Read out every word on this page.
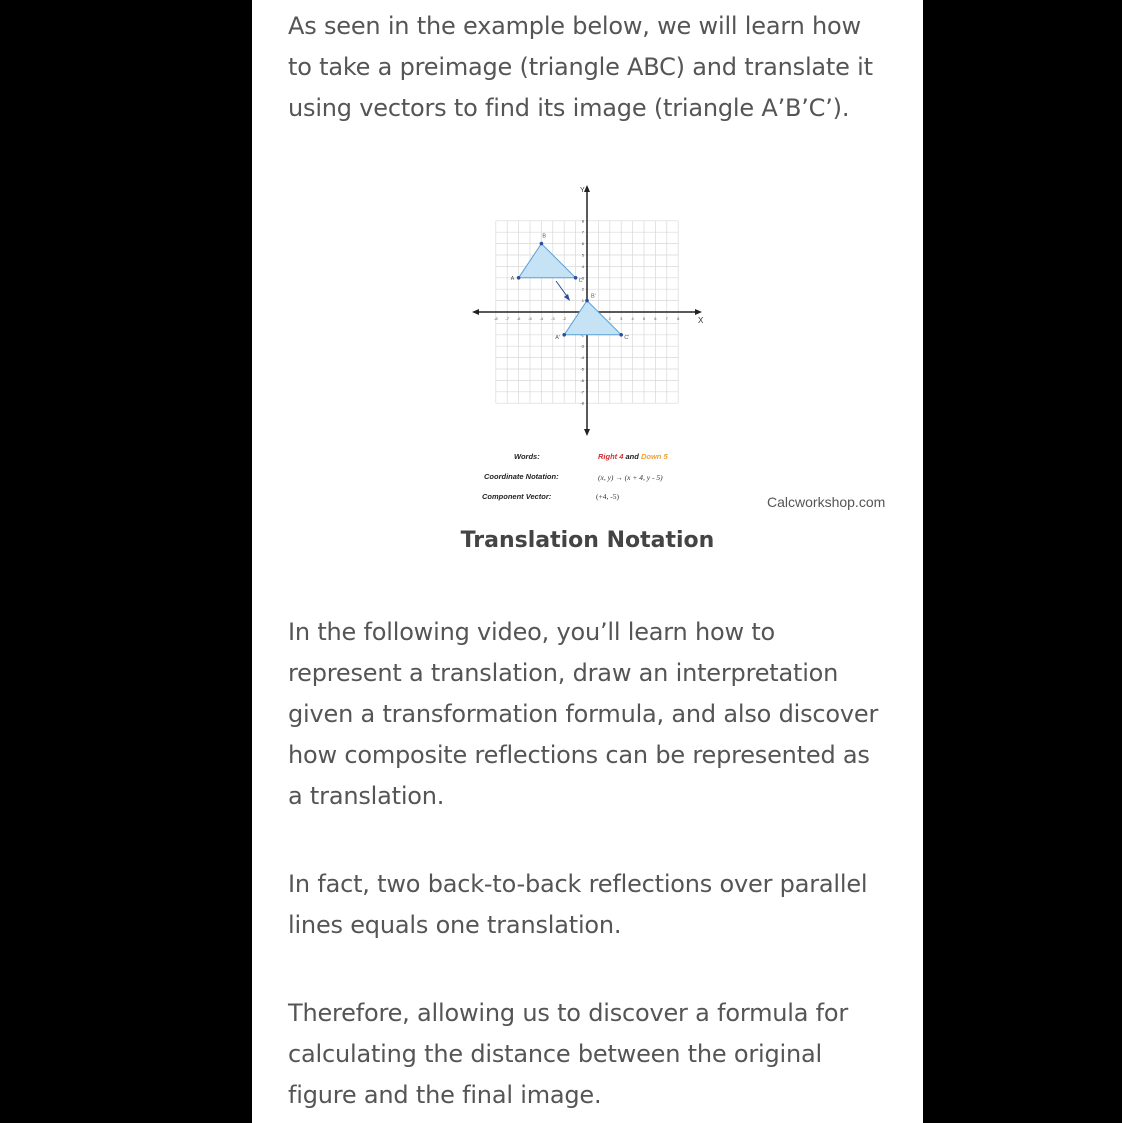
As seen in the example below, we will learn how to take a preimage (triangle ABC) and translate it using vectors to find its image (triangle A’B’C’).

X
Y
-8 -7 -6 -5 -4 -3 -2	2 3 4 5 6 7 8
8
7
6
5
4
3
2
1
-3
-4
-5
-6
-7
-8
A
B
C
A'
B'
C'
Words:
Coordinate Notation:
Component Vector:
Right 4 and Down 5
(x, y) → (x + 4, y - 5)
(+4, -5)	Calcworkshop.com
Translation Notation

In the following video, you’ll learn how to represent a translation, draw an interpretation given a transformation formula, and also discover how composite reflections can be represented as a translation.

In fact, two back-to-back reflections over parallel lines equals one translation.

Therefore, allowing us to discover a formula for calculating the distance between the original figure and the final image.
